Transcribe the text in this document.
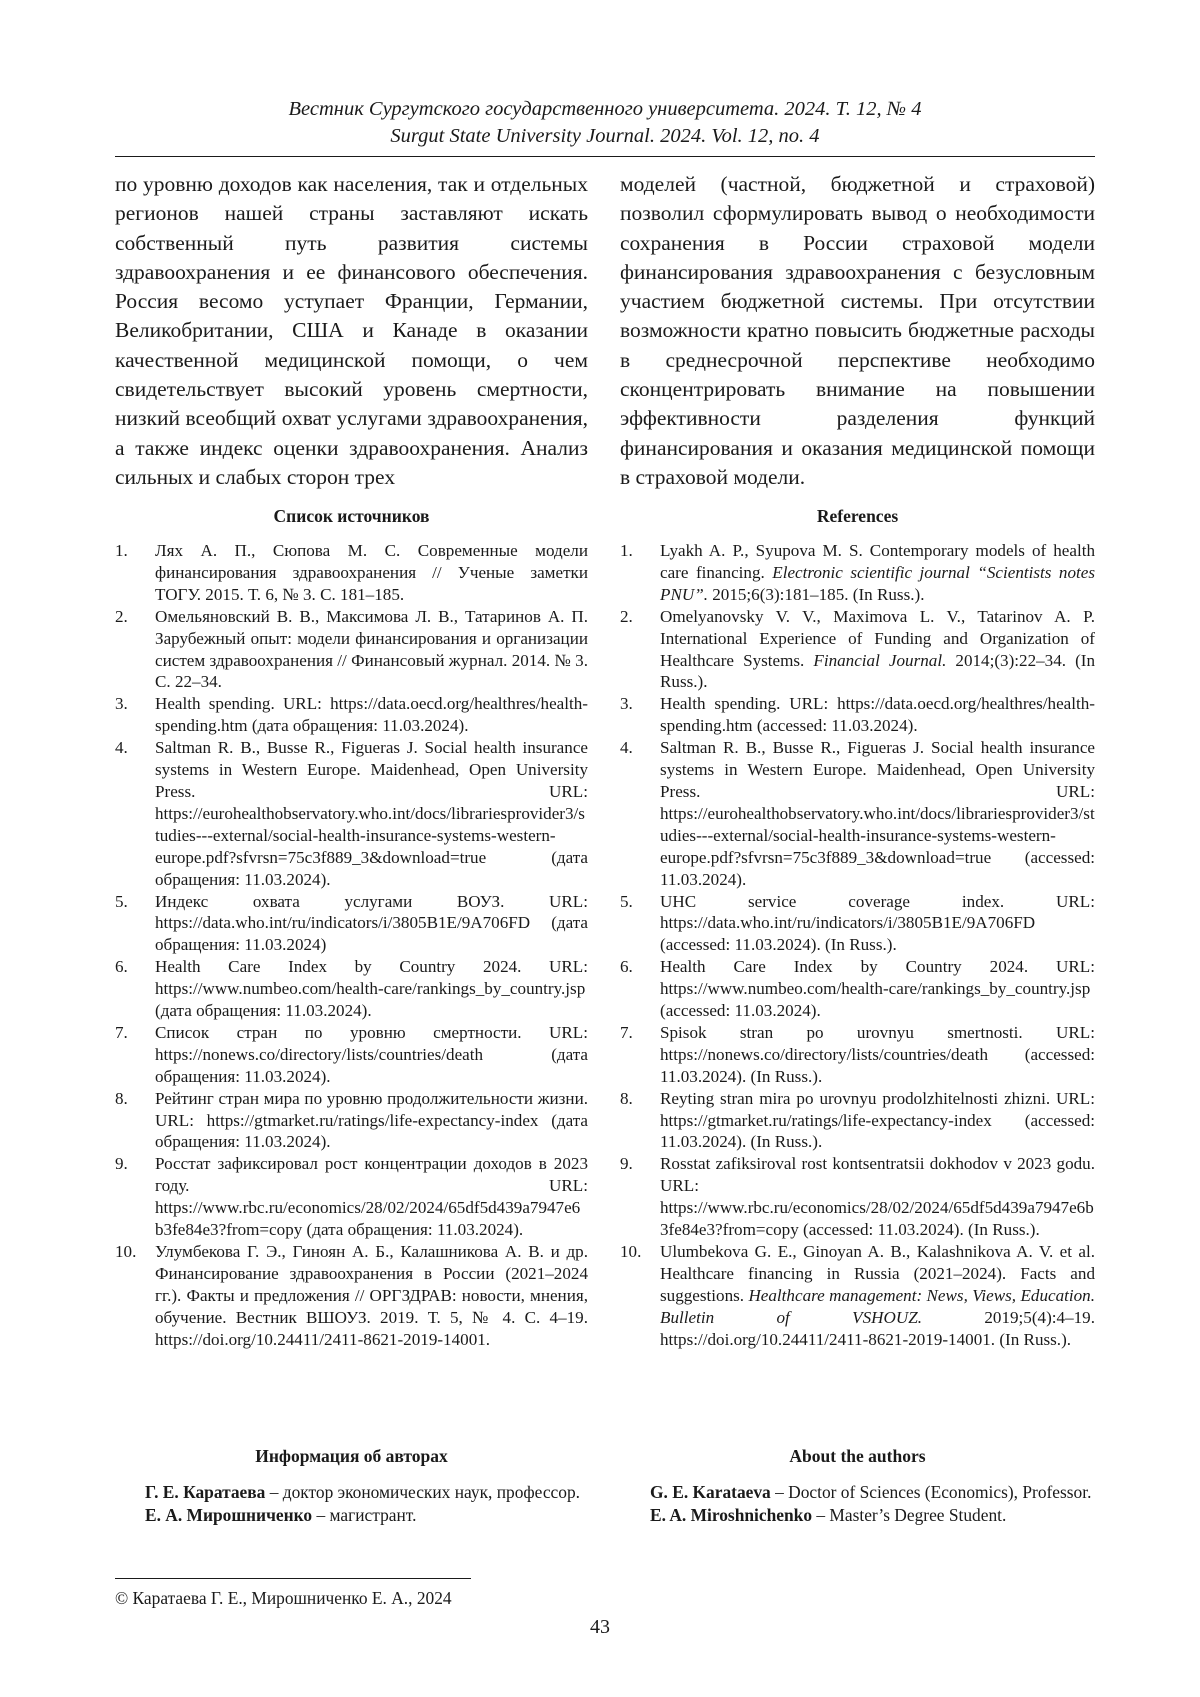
Вестник Сургутского государственного университета. 2024. Т. 12, № 4
Surgut State University Journal. 2024. Vol. 12, no. 4

по уровню доходов как населения, так и отдельных регионов нашей страны заставляют искать собственный путь развития системы здравоохранения и ее финансового обеспечения. Россия весомо уступает Франции, Германии, Великобритании, США и Канаде в оказании качественной медицинской помощи, о чем свидетельствует высокий уровень смертности, низкий всеобщий охват услугами здравоохранения, а также индекс оценки здравоохранения. Анализ сильных и слабых сторон трех

моделей (частной, бюджетной и страховой) позволил сформулировать вывод о необходимости сохранения в России страховой модели финансирования здравоохранения с безусловным участием бюджетной системы. При отсутствии возможности кратно повысить бюджетные расходы в среднесрочной перспективе необходимо сконцентрировать внимание на повышении эффективности разделения функций финансирования и оказания медицинской помощи в страховой модели.

Список источников
1.	Лях А. П., Сюпова М. С. Современные модели финансирования здравоохранения // Ученые заметки ТОГУ. 2015. Т. 6, № 3. С. 181–185.
2.	Омельяновский В. В., Максимова Л. В., Татаринов А. П. Зарубежный опыт: модели финансирования и организации систем здравоохранения // Финансовый журнал. 2014. № 3. С. 22–34.
3.	Health spending. URL: https://data.oecd.org/healthres/health-spending.htm (дата обращения: 11.03.2024).
4.	Saltman R. B., Busse R., Figueras J. Social health insurance systems in Western Europe. Maidenhead, Open University Press. URL: https://eurohealthobservatory.who.int/docs/librariesprovider3/studies---external/social-health-insurance-systems-western-europe.pdf?sfvrsn=75c3f889_3&download=true (дата обращения: 11.03.2024).
5.	Индекс охвата услугами ВОУЗ. URL: https://data.who.int/ru/indicators/i/3805B1E/9A706FD (дата обращения: 11.03.2024)
6.	Health Care Index by Country 2024. URL: https://www.numbeo.com/health-care/rankings_by_country.jsp (дата обращения: 11.03.2024).
7.	Список стран по уровню смертности. URL: https://nonews.co/directory/lists/countries/death (дата обращения: 11.03.2024).
8.	Рейтинг стран мира по уровню продолжительности жизни. URL: https://gtmarket.ru/ratings/life-expectancy-index (дата обращения: 11.03.2024).
9.	Росстат зафиксировал рост концентрации доходов в 2023 году. URL: https://www.rbc.ru/economics/28/02/2024/65df5d439a7947e6b3fe84e3?from=copy (дата обращения: 11.03.2024).
10.	Улумбекова Г. Э., Гиноян А. Б., Калашникова А. В. и др. Финансирование здравоохранения в России (2021–2024 гг.). Факты и предложения // ОРГЗДРАВ: новости, мнения, обучение. Вестник ВШОУЗ. 2019. Т. 5, № 4. С. 4–19. https://doi.org/10.24411/2411-8621-2019-14001.
References
1.	Lyakh A. P., Syupova M. S. Contemporary models of health care financing. Electronic scientific journal “Scientists notes PNU”. 2015;6(3):181–185. (In Russ.).
2.	Omelyanovsky V. V., Maximova L. V., Tatarinov A. P. International Experience of Funding and Organization of Healthcare Systems. Financial Journal. 2014;(3):22–34. (In Russ.).
3.	Health spending. URL: https://data.oecd.org/healthres/health-spending.htm (accessed: 11.03.2024).
4.	Saltman R. B., Busse R., Figueras J. Social health insurance systems in Western Europe. Maidenhead, Open University Press. URL: https://eurohealthobservatory.who.int/docs/librariesprovider3/studies---external/social-health-insurance-systems-western-europe.pdf?sfvrsn=75c3f889_3&download=true (accessed: 11.03.2024).
5.	UHC service coverage index. URL: https://data.who.int/ru/indicators/i/3805B1E/9A706FD (accessed: 11.03.2024). (In Russ.).
6.	Health Care Index by Country 2024. URL: https://www.numbeo.com/health-care/rankings_by_country.jsp (accessed: 11.03.2024).
7.	Spisok stran po urovnyu smertnosti. URL: https://nonews.co/directory/lists/countries/death (accessed: 11.03.2024). (In Russ.).
8.	Reyting stran mira po urovnyu prodolzhitelnosti zhizni. URL: https://gtmarket.ru/ratings/life-expectancy-index (accessed: 11.03.2024). (In Russ.).
9.	Rosstat zafiksiroval rost kontsentratsii dokhodov v 2023 godu. URL: https://www.rbc.ru/economics/28/02/2024/65df5d439a7947e6b3fe84e3?from=copy (accessed: 11.03.2024). (In Russ.).
10.	Ulumbekova G. E., Ginoyan A. B., Kalashnikova A. V. et al. Healthcare financing in Russia (2021–2024). Facts and suggestions. Healthcare management: News, Views, Education. Bulletin of VSHOUZ. 2019;5(4):4–19. https://doi.org/10.24411/2411-8621-2019-14001. (In Russ.).
Информация об авторах

Г. Е. Каратаева – доктор экономических наук, профессор.

Е. А. Мирошниченко – магистрант.

About the authors

G. E. Karataeva – Doctor of Sciences (Economics), Professor.

E. A. Miroshnichenko – Master’s Degree Student.

© Каратаева Г. Е., Мирошниченко Е. А., 2024
43
